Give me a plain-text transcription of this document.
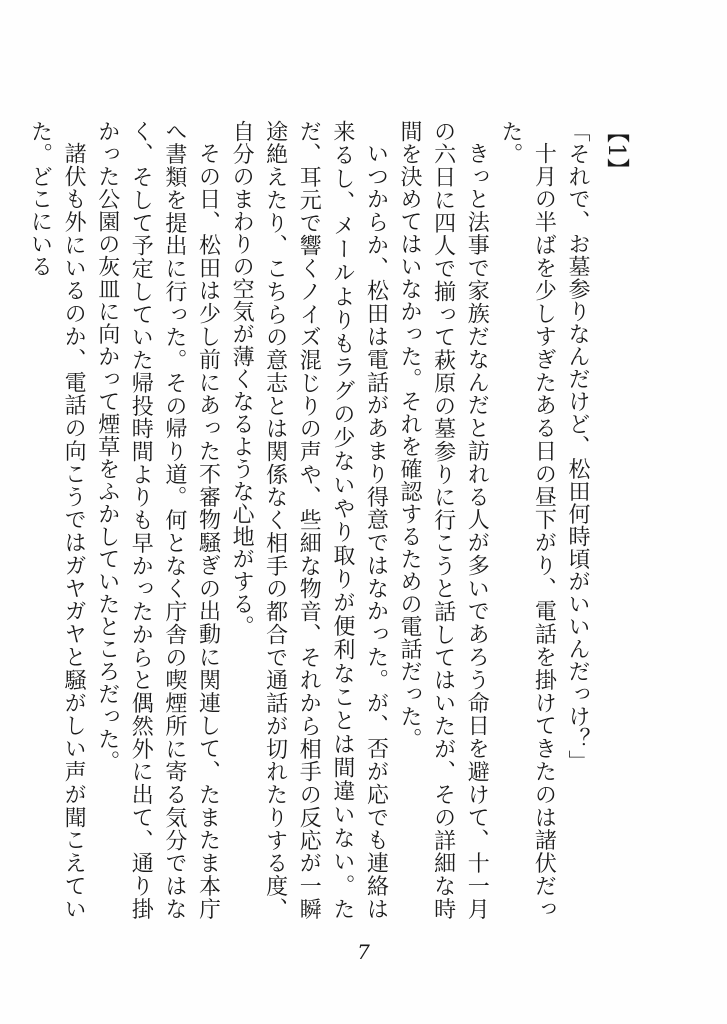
【1】

「それで、お墓参りなんだけど、松田何時頃がいいんだっけ？」

十月の半ばを少しすぎたある日の昼下がり、電話を掛けてきたのは諸伏だった。

きっと法事で家族だなんだと訪れる人が多いであろう命日を避けて、十一月の六日に四人で揃って萩原の墓参りに行こうと話してはいたが、その詳細な時間を決めてはいなかった。それを確認するための電話だった。

いつからか、松田は電話があまり得意ではなかった。が、否が応でも連絡は来るし、メールよりもラグの少ないやり取りが便利なことは間違いない。ただ、耳元で響くノイズ混じりの声や、些細な物音、それから相手の反応が一瞬途絶えたり、こちらの意志とは関係なく相手の都合で通話が切れたりする度、自分のまわりの空気が薄くなるような心地がする。

その日、松田は少し前にあった不審物騒ぎの出動に関連して、たまたま本庁へ書類を提出に行った。その帰り道。何となく庁舎の喫煙所に寄る気分ではなく、そして予定していた帰投時間よりも早かったからと偶然外に出て、通り掛かった公園の灰皿に向かって煙草をふかしていたところだった。

諸伏も外にいるのか、電話の向こうではガヤガヤと騒がしい声が聞こえていた。どこにいる

7
